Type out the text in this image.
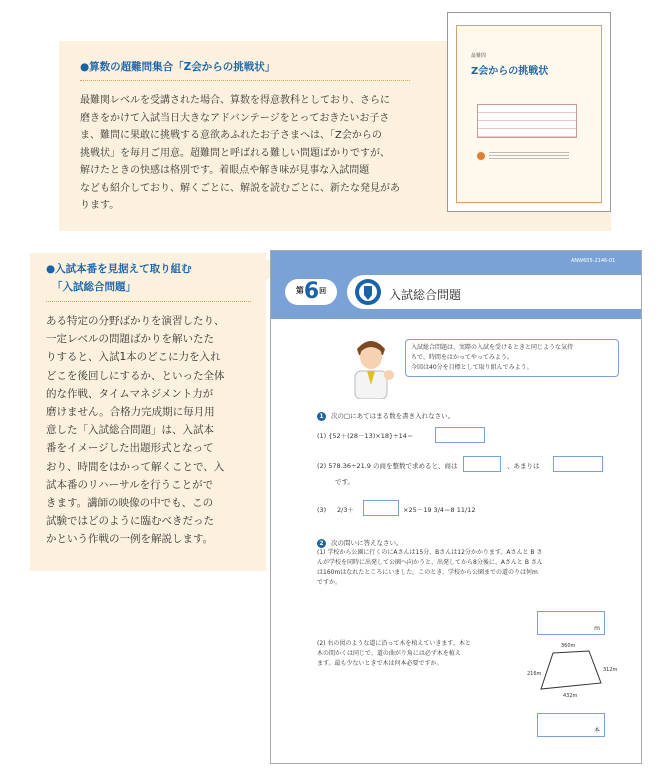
●算数の超難問集合「Z会からの挑戦状」
最難関レベルを受講された場合、算数を得意教科としており、さらに
磨きをかけて入試当日大きなアドバンテージをとっておきたいお子さ
ま、難問に果敢に挑戦する意欲あふれたお子さまへは、「Z会からの
挑戦状」を毎月ご用意。超難問と呼ばれる難しい問題ばかりですが、
解けたときの快感は格別です。着眼点や解き味が見事な入試問題
なども紹介しており、解くごとに、解説を読むごとに、新たな発見があ
ります。
最難問
Z会からの挑戦状
●入試本番を見据えて取り組む
「入試総合問題」
ある特定の分野ばかりを演習したり、
一定レベルの問題ばかりを解いたた
りすると、入試1本のどこに力を入れ
どこを後回しにするか、といった全体
的な作戦、タイムマネジメント力が
磨けません。合格力完成期に毎月用
意した「入試総合問題」は、入試本
番をイメージした出題形式となって
おり、時間をはかって解くことで、入
試本番のリハーサルを行うことがで
きます。講師の映像の中でも、この
試験ではどのように臨むべきだった
かという作戦の一例を解説します。
ANW605-2146-01
$^第6^回$	入試総合問題
入試総合問題は、実際の入試を受けるときと同じような気持
ちで、時間をはかってやってみよう。
今回は40分を目標として取り組んでみよう。
1	次の□にあてはまる数を書き入れなさい。
(1) {52＋(28－13)×18}÷14＝
(2) 578.36÷21.9 の商を整数で求めると、商は	、あまりは
です。
(3) 2/3＋	×25－19 3/4＝8 11/12
2	次の問いに答えなさい。
(1) 学校から公園に行くのにAさんは15分、Bさんは12分かかります。Aさんと B さ
んが学校を同時に出発して公園へ向かうと、出発してから8分後に、Aさんと B さん
は160mはなれたところにいました。このとき、学校から公園までの道のりは何m
ですか。
m
(2) 右の図のような道に沿って木を植えていきます。木と
木の間かくは同じで、道の曲がり角には必ず木を植え
ます。最も少ないときで木は何本必要ですか。
360m
216m
312m
432m
本
